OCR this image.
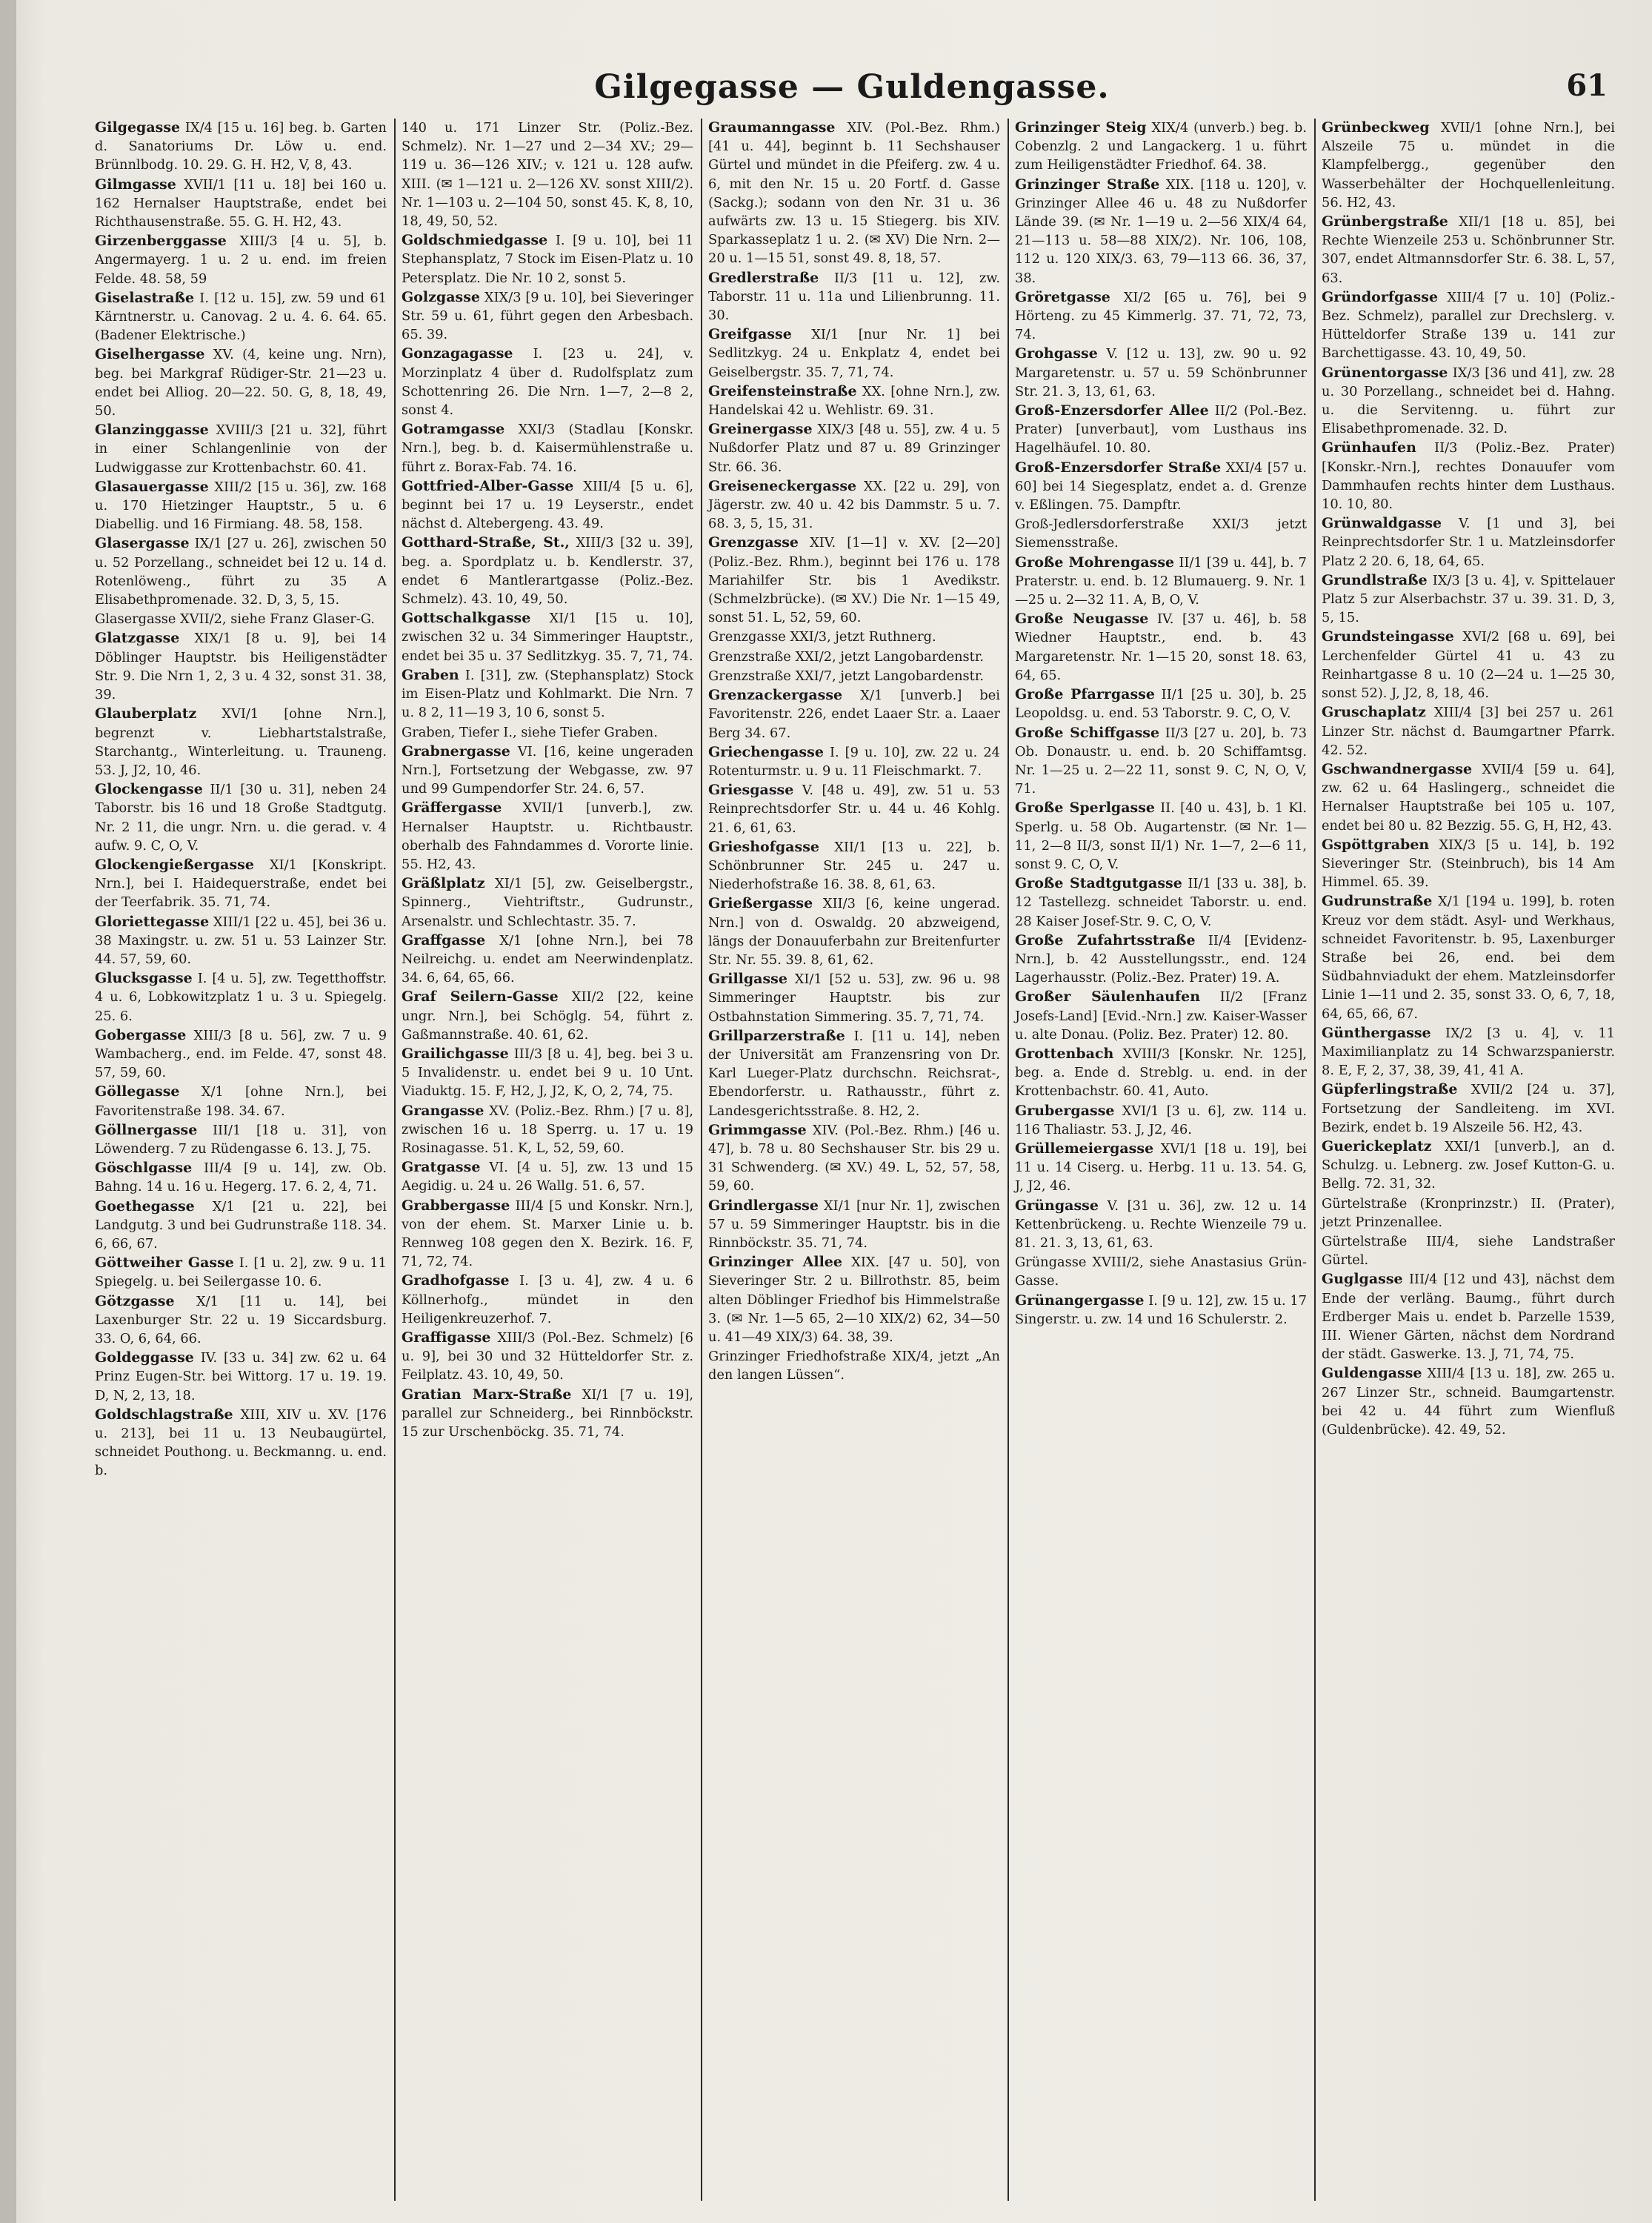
Gilgegasse — Guldengasse.	61

Gilgegasse IX/4 [15 u. 16] beg. b. Garten d. Sanatoriums Dr. Löw u. end. Brünnlbodg. 10. 29. G. H. H2, V, 8, 43.

Gilmgasse XVII/1 [11 u. 18] bei 160 u. 162 Hernalser Hauptstraße, endet bei Richthausenstraße. 55. G. H. H2, 43.

Girzenberggasse XIII/3 [4 u. 5], b. Angermayerg. 1 u. 2 u. end. im freien Felde. 48. 58, 59

Giselastraße I. [12 u. 15], zw. 59 und 61 Kärntnerstr. u. Canovag. 2 u. 4. 6. 64. 65. (Badener Elektrische.)

Giselhergasse XV. (4, keine ung. Nrn), beg. bei Markgraf Rüdiger-Str. 21—23 u. endet bei Alliog. 20—22. 50. G, 8, 18, 49, 50.

Glanzinggasse XVIII/3 [21 u. 32], führt in einer Schlangenlinie von der Ludwiggasse zur Krottenbachstr. 60. 41.

Glasauergasse XIII/2 [15 u. 36], zw. 168 u. 170 Hietzinger Hauptstr., 5 u. 6 Diabellig. und 16 Firmiang. 48. 58, 158.

Glasergasse IX/1 [27 u. 26], zwischen 50 u. 52 Porzellang., schneidet bei 12 u. 14 d. Rotenlöweng., führt zu 35 A Elisabethpromenade. 32. D, 3, 5, 15.

Glasergasse XVII/2, siehe Franz Glaser-G.

Glatzgasse XIX/1 [8 u. 9], bei 14 Döblinger Hauptstr. bis Heiligenstädter Str. 9. Die Nrn 1, 2, 3 u. 4 32, sonst 31. 38, 39.

Glauberplatz XVI/1 [ohne Nrn.], begrenzt v. Liebhartstalstraße, Starchantg., Winterleitung. u. Trauneng. 53. J, J2, 10, 46.

Glockengasse II/1 [30 u. 31], neben 24 Taborstr. bis 16 und 18 Große Stadtgutg. Nr. 2 11, die ungr. Nrn. u. die gerad. v. 4 aufw. 9. C, O, V.

Glockengießergasse XI/1 [Konskript. Nrn.], bei I. Haidequerstraße, endet bei der Teerfabrik. 35. 71, 74.

Gloriettegasse XIII/1 [22 u. 45], bei 36 u. 38 Maxingstr. u. zw. 51 u. 53 Lainzer Str. 44. 57, 59, 60.

Glucksgasse I. [4 u. 5], zw. Tegetthoffstr. 4 u. 6, Lobkowitzplatz 1 u. 3 u. Spiegelg. 25. 6.

Gobergasse XIII/3 [8 u. 56], zw. 7 u. 9 Wambacherg., end. im Felde. 47, sonst 48. 57, 59, 60.

Göllegasse X/1 [ohne Nrn.], bei Favoritenstraße 198. 34. 67.

Göllnergasse III/1 [18 u. 31], von Löwenderg. 7 zu Rüdengasse 6. 13. J, 75.

Göschlgasse III/4 [9 u. 14], zw. Ob. Bahng. 14 u. 16 u. Hegerg. 17. 6. 2, 4, 71.

Goethegasse X/1 [21 u. 22], bei Landgutg. 3 und bei Gudrunstraße 118. 34. 6, 66, 67.

Göttweiher Gasse I. [1 u. 2], zw. 9 u. 11 Spiegelg. u. bei Seilergasse 10. 6.

Götzgasse X/1 [11 u. 14], bei Laxenburger Str. 22 u. 19 Siccardsburg. 33. O, 6, 64, 66.

Goldeggasse IV. [33 u. 34] zw. 62 u. 64 Prinz Eugen-Str. bei Wittorg. 17 u. 19. 19. D, N, 2, 13, 18.

Goldschlagstraße XIII, XIV u. XV. [176 u. 213], bei 11 u. 13 Neubaugürtel, schneidet Pouthong. u. Beckmanng. u. end. b.

140 u. 171 Linzer Str. (Poliz.-Bez. Schmelz). Nr. 1—27 und 2—34 XV.; 29—119 u. 36—126 XIV.; v. 121 u. 128 aufw. XIII. (✉ 1—121 u. 2—126 XV. sonst XIII/2). Nr. 1—103 u. 2—104 50, sonst 45. K, 8, 10, 18, 49, 50, 52.

Goldschmiedgasse I. [9 u. 10], bei 11 Stephansplatz, 7 Stock im Eisen-Platz u. 10 Petersplatz. Die Nr. 10 2, sonst 5.

Golzgasse XIX/3 [9 u. 10], bei Sieveringer Str. 59 u. 61, führt gegen den Arbesbach. 65. 39.

Gonzagagasse I. [23 u. 24], v. Morzinplatz 4 über d. Rudolfsplatz zum Schottenring 26. Die Nrn. 1—7, 2—8 2, sonst 4.

Gotramgasse XXI/3 (Stadlau [Konskr. Nrn.], beg. b. d. Kaisermühlenstraße u. führt z. Borax-Fab. 74. 16.

Gottfried-Alber-Gasse XIII/4 [5 u. 6], beginnt bei 17 u. 19 Leyserstr., endet nächst d. Altebergeng. 43. 49.

Gotthard-Straße, St., XIII/3 [32 u. 39], beg. a. Spordplatz u. b. Kendlerstr. 37, endet 6 Mantlerartgasse (Poliz.-Bez. Schmelz). 43. 10, 49, 50.

Gottschalkgasse XI/1 [15 u. 10], zwischen 32 u. 34 Simmeringer Hauptstr., endet bei 35 u. 37 Sedlitzkyg. 35. 7, 71, 74.

Graben I. [31], zw. (Stephansplatz) Stock im Eisen-Platz und Kohlmarkt. Die Nrn. 7 u. 8 2, 11—19 3, 10 6, sonst 5.

Graben, Tiefer I., siehe Tiefer Graben.

Grabnergasse VI. [16, keine ungeraden Nrn.], Fortsetzung der Webgasse, zw. 97 und 99 Gumpendorfer Str. 24. 6, 57.

Gräffergasse XVII/1 [unverb.], zw. Hernalser Hauptstr. u. Richtbaustr. oberhalb des Fahndammes d. Vororte linie. 55. H2, 43.

Gräßlplatz XI/1 [5], zw. Geiselbergstr., Spinnerg., Viehtriftstr., Gudrunstr., Arsenalstr. und Schlechtastr. 35. 7.

Graffgasse X/1 [ohne Nrn.], bei 78 Neilreichg. u. endet am Neerwindenplatz. 34. 6, 64, 65, 66.

Graf Seilern-Gasse XII/2 [22, keine ungr. Nrn.], bei Schöglg. 54, führt z. Gaßmannstraße. 40. 61, 62.

Grailichgasse III/3 [8 u. 4], beg. bei 3 u. 5 Invalidenstr. u. endet bei 9 u. 10 Unt. Viaduktg. 15. F, H2, J, J2, K, O, 2, 74, 75.

Grangasse XV. (Poliz.-Bez. Rhm.) [7 u. 8], zwischen 16 u. 18 Sperrg. u. 17 u. 19 Rosinagasse. 51. K, L, 52, 59, 60.

Gratgasse VI. [4 u. 5], zw. 13 und 15 Aegidig. u. 24 u. 26 Wallg. 51. 6, 57.

Grabbergasse III/4 [5 und Konskr. Nrn.], von der ehem. St. Marxer Linie u. b. Rennweg 108 gegen den X. Bezirk. 16. F, 71, 72, 74.

Gradhofgasse I. [3 u. 4], zw. 4 u. 6 Köllnerhofg., mündet in den Heiligenkreuzerhof. 7.

Graffigasse XIII/3 (Pol.-Bez. Schmelz) [6 u. 9], bei 30 und 32 Hütteldorfer Str. z. Feilplatz. 43. 10, 49, 50.

Gratian Marx-Straße XI/1 [7 u. 19], parallel zur Schneiderg., bei Rinnböckstr. 15 zur Urschenböckg. 35. 71, 74.

Graumanngasse XIV. (Pol.-Bez. Rhm.) [41 u. 44], beginnt b. 11 Sechshauser Gürtel und mündet in die Pfeiferg. zw. 4 u. 6, mit den Nr. 15 u. 20 Fortf. d. Gasse (Sackg.); sodann von den Nr. 31 u. 36 aufwärts zw. 13 u. 15 Stiegerg. bis XIV. Sparkasseplatz 1 u. 2. (✉ XV) Die Nrn. 2—20 u. 1—15 51, sonst 49. 8, 18, 57.

Gredlerstraße II/3 [11 u. 12], zw. Taborstr. 11 u. 11a und Lilienbrunng. 11. 30.

Greifgasse XI/1 [nur Nr. 1] bei Sedlitzkyg. 24 u. Enkplatz 4, endet bei Geiselbergstr. 35. 7, 71, 74.

Greifensteinstraße XX. [ohne Nrn.], zw. Handelskai 42 u. Wehlistr. 69. 31.

Greinergasse XIX/3 [48 u. 55], zw. 4 u. 5 Nußdorfer Platz und 87 u. 89 Grinzinger Str. 66. 36.

Greiseneckergasse XX. [22 u. 29], von Jägerstr. zw. 40 u. 42 bis Dammstr. 5 u. 7. 68. 3, 5, 15, 31.

Grenzgasse XIV. [1—1] v. XV. [2—20] (Poliz.-Bez. Rhm.), beginnt bei 176 u. 178 Mariahilfer Str. bis 1 Avedikstr. (Schmelzbrücke). (✉ XV.) Die Nr. 1—15 49, sonst 51. L, 52, 59, 60.

Grenzgasse XXI/3, jetzt Ruthnerg.

Grenzstraße XXI/2, jetzt Langobardenstr.

Grenzstraße XXI/7, jetzt Langobardenstr.

Grenzackergasse X/1 [unverb.] bei Favoritenstr. 226, endet Laaer Str. a. Laaer Berg 34. 67.

Griechengasse I. [9 u. 10], zw. 22 u. 24 Rotenturmstr. u. 9 u. 11 Fleischmarkt. 7.

Griesgasse V. [48 u. 49], zw. 51 u. 53 Reinprechtsdorfer Str. u. 44 u. 46 Kohlg. 21. 6, 61, 63.

Grieshofgasse XII/1 [13 u. 22], b. Schönbrunner Str. 245 u. 247 u. Niederhofstraße 16. 38. 8, 61, 63.

Grießergasse XII/3 [6, keine ungerad. Nrn.] von d. Oswaldg. 20 abzweigend, längs der Donauuferbahn zur Breitenfurter Str. Nr. 55. 39. 8, 61, 62.

Grillgasse XI/1 [52 u. 53], zw. 96 u. 98 Simmeringer Hauptstr. bis zur Ostbahnstation Simmering. 35. 7, 71, 74.

Grillparzerstraße I. [11 u. 14], neben der Universität am Franzensring von Dr. Karl Lueger-Platz durchschn. Reichsrat-, Ebendorferstr. u. Rathausstr., führt z. Landesgerichtsstraße. 8. H2, 2.

Grimmgasse XIV. (Pol.-Bez. Rhm.) [46 u. 47], b. 78 u. 80 Sechshauser Str. bis 29 u. 31 Schwenderg. (✉ XV.) 49. L, 52, 57, 58, 59, 60.

Grindlergasse XI/1 [nur Nr. 1], zwischen 57 u. 59 Simmeringer Hauptstr. bis in die Rinnböckstr. 35. 71, 74.

Grinzinger Allee XIX. [47 u. 50], von Sieveringer Str. 2 u. Billrothstr. 85, beim alten Döblinger Friedhof bis Himmelstraße 3. (✉ Nr. 1—5 65, 2—10 XIX/2) 62, 34—50 u. 41—49 XIX/3) 64. 38, 39.

Grinzinger Friedhofstraße XIX/4, jetzt „An den langen Lüssen“.

Grinzinger Steig XIX/4 (unverb.) beg. b. Cobenzlg. 2 und Langackerg. 1 u. führt zum Heiligenstädter Friedhof. 64. 38.

Grinzinger Straße XIX. [118 u. 120], v. Grinzinger Allee 46 u. 48 zu Nußdorfer Lände 39. (✉ Nr. 1—19 u. 2—56 XIX/4 64, 21—113 u. 58—88 XIX/2). Nr. 106, 108, 112 u. 120 XIX/3. 63, 79—113 66. 36, 37, 38.

Gröretgasse XI/2 [65 u. 76], bei 9 Hörteng. zu 45 Kimmerlg. 37. 71, 72, 73, 74.

Grohgasse V. [12 u. 13], zw. 90 u. 92 Margaretenstr. u. 57 u. 59 Schönbrunner Str. 21. 3, 13, 61, 63.

Groß-Enzersdorfer Allee II/2 (Pol.-Bez. Prater) [unverbaut], vom Lusthaus ins Hagelhäufel. 10. 80.

Groß-Enzersdorfer Straße XXI/4 [57 u. 60] bei 14 Siegesplatz, endet a. d. Grenze v. Eßlingen. 75. Dampftr.

Groß-Jedlersdorferstraße XXI/3 jetzt Siemensstraße.

Große Mohrengasse II/1 [39 u. 44], b. 7 Praterstr. u. end. b. 12 Blumauerg. 9. Nr. 1—25 u. 2—32 11. A, B, O, V.

Große Neugasse IV. [37 u. 46], b. 58 Wiedner Hauptstr., end. b. 43 Margaretenstr. Nr. 1—15 20, sonst 18. 63, 64, 65.

Große Pfarrgasse II/1 [25 u. 30], b. 25 Leopoldsg. u. end. 53 Taborstr. 9. C, O, V.

Große Schiffgasse II/3 [27 u. 20], b. 73 Ob. Donaustr. u. end. b. 20 Schiffamtsg. Nr. 1—25 u. 2—22 11, sonst 9. C, N, O, V, 71.

Große Sperlgasse II. [40 u. 43], b. 1 Kl. Sperlg. u. 58 Ob. Augartenstr. (✉ Nr. 1—11, 2—8 II/3, sonst II/1) Nr. 1—7, 2—6 11, sonst 9. C, O, V.

Große Stadtgutgasse II/1 [33 u. 38], b. 12 Tastellezg. schneidet Taborstr. u. end. 28 Kaiser Josef-Str. 9. C, O, V.

Große Zufahrtsstraße II/4 [Evidenz-Nrn.], b. 42 Ausstellungsstr., end. 124 Lagerhausstr. (Poliz.-Bez. Prater) 19. A.

Großer Säulenhaufen II/2 [Franz Josefs-Land] [Evid.-Nrn.] zw. Kaiser-Wasser u. alte Donau. (Poliz. Bez. Prater) 12. 80.

Grottenbach XVIII/3 [Konskr. Nr. 125], beg. a. Ende d. Streblg. u. end. in der Krottenbachstr. 60. 41, Auto.

Grubergasse XVI/1 [3 u. 6], zw. 114 u. 116 Thaliastr. 53. J, J2, 46.

Grüllemeiergasse XVI/1 [18 u. 19], bei 11 u. 14 Ciserg. u. Herbg. 11 u. 13. 54. G, J, J2, 46.

Grüngasse V. [31 u. 36], zw. 12 u. 14 Kettenbrückeng. u. Rechte Wienzeile 79 u. 81. 21. 3, 13, 61, 63.

Grüngasse XVIII/2, siehe Anastasius Grün-Gasse.

Grünangergasse I. [9 u. 12], zw. 15 u. 17 Singerstr. u. zw. 14 und 16 Schulerstr. 2.

Grünbeckweg XVII/1 [ohne Nrn.], bei Alszeile 75 u. mündet in die Klampfelbergg., gegenüber den Wasserbehälter der Hochquellenleitung. 56. H2, 43.

Grünbergstraße XII/1 [18 u. 85], bei Rechte Wienzeile 253 u. Schönbrunner Str. 307, endet Altmannsdorfer Str. 6. 38. L, 57, 63.

Gründorfgasse XIII/4 [7 u. 10] (Poliz.-Bez. Schmelz), parallel zur Drechslerg. v. Hütteldorfer Straße 139 u. 141 zur Barchettigasse. 43. 10, 49, 50.

Grünentorgasse IX/3 [36 und 41], zw. 28 u. 30 Porzellang., schneidet bei d. Hahng. u. die Servitenng. u. führt zur Elisabethpromenade. 32. D.

Grünhaufen II/3 (Poliz.-Bez. Prater) [Konskr.-Nrn.], rechtes Donauufer vom Dammhaufen rechts hinter dem Lusthaus. 10. 10, 80.

Grünwaldgasse V. [1 und 3], bei Reinprechtsdorfer Str. 1 u. Matzleinsdorfer Platz 2 20. 6, 18, 64, 65.

Grundlstraße IX/3 [3 u. 4], v. Spittelauer Platz 5 zur Alserbachstr. 37 u. 39. 31. D, 3, 5, 15.

Grundsteingasse XVI/2 [68 u. 69], bei Lerchenfelder Gürtel 41 u. 43 zu Reinhartgasse 8 u. 10 (2—24 u. 1—25 30, sonst 52). J, J2, 8, 18, 46.

Gruschaplatz XIII/4 [3] bei 257 u. 261 Linzer Str. nächst d. Baumgartner Pfarrk. 42. 52.

Gschwandnergasse XVII/4 [59 u. 64], zw. 62 u. 64 Haslingerg., schneidet die Hernalser Hauptstraße bei 105 u. 107, endet bei 80 u. 82 Bezzig. 55. G, H, H2, 43.

Gspöttgraben XIX/3 [5 u. 14], b. 192 Sieveringer Str. (Steinbruch), bis 14 Am Himmel. 65. 39.

Gudrunstraße X/1 [194 u. 199], b. roten Kreuz vor dem städt. Asyl- und Werkhaus, schneidet Favoritenstr. b. 95, Laxenburger Straße bei 26, end. bei dem Südbahnviadukt der ehem. Matzleinsdorfer Linie 1—11 und 2. 35, sonst 33. O, 6, 7, 18, 64, 65, 66, 67.

Günthergasse IX/2 [3 u. 4], v. 11 Maximilianplatz zu 14 Schwarzspanierstr. 8. E, F, 2, 37, 38, 39, 41, 41 A.

Güpferlingstraße XVII/2 [24 u. 37], Fortsetzung der Sandleiteng. im XVI. Bezirk, endet b. 19 Alszeile 56. H2, 43.

Guerickeplatz XXI/1 [unverb.], an d. Schulzg. u. Lebnerg. zw. Josef Kutton-G. u. Bellg. 72. 31, 32.

Gürtelstraße (Kronprinzstr.) II. (Prater), jetzt Prinzenallee.

Gürtelstraße III/4, siehe Landstraßer Gürtel.

Guglgasse III/4 [12 und 43], nächst dem Ende der verläng. Baumg., führt durch Erdberger Mais u. endet b. Parzelle 1539, III. Wiener Gärten, nächst dem Nordrand der städt. Gaswerke. 13. J, 71, 74, 75.

Guldengasse XIII/4 [13 u. 18], zw. 265 u. 267 Linzer Str., schneid. Baumgartenstr. bei 42 u. 44 führt zum Wienfluß (Guldenbrücke). 42. 49, 52.
